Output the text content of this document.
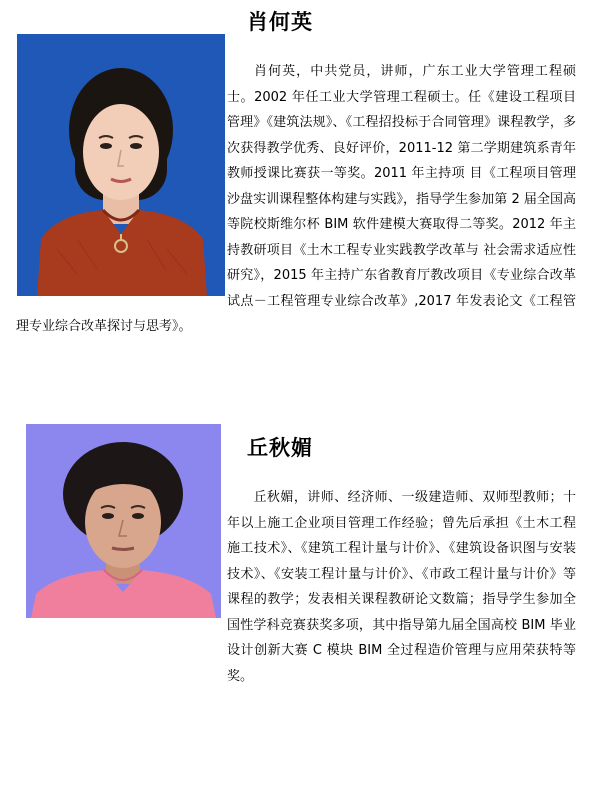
肖何英

肖何英，中共党员，讲师，广东工业大学管理工程硕士。2002 年任工业大学管理工程硕士。任《建设工程项目管理》《建筑法规》、《工程招投标于合同管理》课程教学，多次获得教学优秀、良好评价，2011-12 第二学期建筑系青年教师授课比赛获一等奖。2011 年主持项 目《工程项目管理沙盘实训课程整体构建与实践》，指导学生参加第 2 届全国高等院校斯维尔杯 BIM 软件建模大赛取得二等奖。2012 年主持教研项目《土木工程专业实践教学改革与 社会需求适应性研究》，2015 年主持广东省教育厅教改项目《专业综合改革试点－工程管理专业综合改革》,2017 年发表论文《工程管理专业综合改革探讨与思考》。

丘秋媚

丘秋媚，讲师、经济师、一级建造师、双师型教师；十年以上施工企业项目管理工作经验；曾先后承担《土木工程施工技术》、《建筑工程计量与计价》、《建筑设备识图与安装技术》、《安装工程计量与计价》、《市政工程计量与计价》等课程的教学；发表相关课程教研论文数篇；指导学生参加全国性学科竞赛获奖多项，其中指导第九届全国高校 BIM 毕业设计创新大赛 C 模块 BIM 全过程造价管理与应用荣获特等奖。
